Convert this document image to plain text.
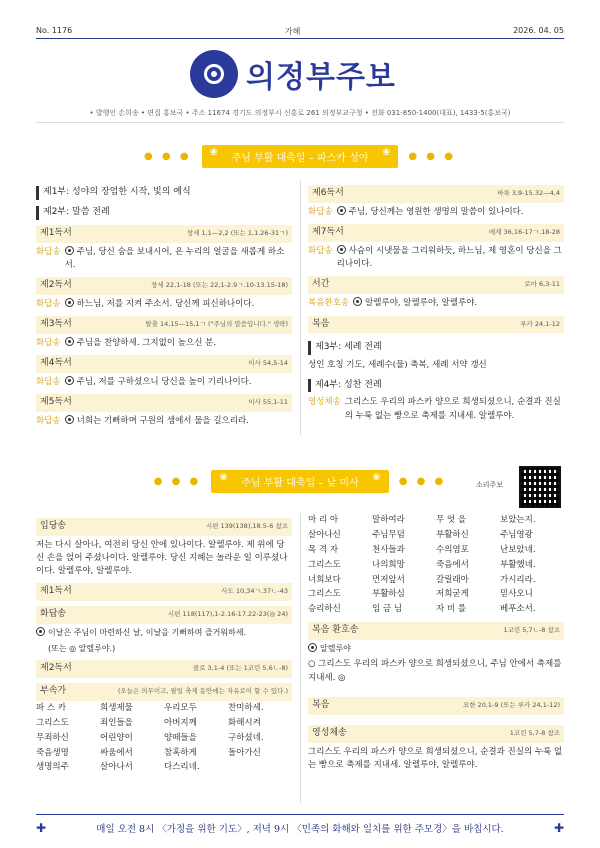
No. 1176	가해	2026. 04. 05
의정부주보
• 발행인 손희송 • 편집 홍보국 • 주소 11674 경기도 의정부시 신흥로 261 의정부교구청 • 전화 031-850-1400(대표), 1433-5(홍보국)
● ● ●	❀ 주님 부활 대축일 – 파스카 성야 ❀	● ● ●
제1부: 성야의 장엄한 시작, 빛의 예식
제2부: 말씀 전례
제1독서	창세 1,1—2,2 (또는 1,1.26-31ㄱ)
화답송	주님, 당신 숨을 보내시어, 온 누리의 얼굴을 새롭게 하소서.
제2독서	창세 22,1-18 (또는 22,1-2.9ㄱ.10-13.15-18)
화답송	하느님, 저를 지켜 주소서. 당신께 피신하나이다.
제3독서	탈출 14,15—15,1ㄱ ("주님의 말씀입니다." 생략)
화답송	주님을 찬양하세. 그지없이 높으신 분.
제4독서	이사 54,5-14
화답송	주님, 저를 구하셨으니 당신을 높이 기리나이다.
제5독서	이사 55,1-11
화답송	너희는 기뻐하며 구원의 샘에서 물을 길으리라.
제6독서	바룩 3,9-15.32—4,4
화답송	주님, 당신께는 영원한 생명의 말씀이 있나이다.
제7독서	에제 36,16-17ㄱ.18-28
화답송	사슴이 시냇물을 그리워하듯, 하느님, 제 영혼이 당신을 그리나이다.
서간	로마 6,3-11
복음환호송	알렐루야, 알렐루야, 알렐루야.
복음	루카 24,1-12
제3부: 세례 전례
성인 호칭 기도, 세례수(물) 축복, 세례 서약 갱신
제4부: 성찬 전례
영성체송 그리스도 우리의 파스카 양으로 희생되셨으니, 순결과 진실의 누룩 없는 빵으로 축제를 지내세. 알렐루야.
● ● ●	❀ 주님 부활 대축일 – 낮 미사 ❀	● ● ●	소리주보
입당송	시편 139(138),18.5-6 참조
저는 다시 살아나, 여전히 당신 안에 있나이다. 알렐루야. 제 위에 당신 손을 얹어 주셨나이다. 알렐루야. 당신 지혜는 놀라운 일 이루셨나이다. 알렐루야, 알렐루야.
제1독서	사도 10,34ㄱ.37ㄴ-43
화답송	시편 118(117),1-2.16-17.22-23(◎ 24)
이날은 주님이 마련하신 날, 이날을 기뻐하며 즐거워하세.
(또는 ◎ 알렐루야.)
제2독서	콜로 3,1-4 (또는 1코린 5,6ㄴ-8)
부속가	(오늘은 의무이고, 팔일 축제 동안에는 자유로이 할 수 있다.)
파 스 카	희생제물	우리모두	찬미하세.
그리스도	죄인들을	아버지께	화해시켜
무죄하신	어린양이	양떼들을	구하셨네.
죽음생명	싸움에서	참혹하게	돌아가신
생명의주	살아나서	다스리네.
마 리 아	말하여라	무 엇 을	보았는지.
살아나신	주님무덤	부활하신	주님영광
목 격 자	천사들과	수의염포	난보았네.
그리스도	나의희망	죽음에서	부활했네.
너희보다	먼저앞서	갈릴래아	가시리라.
그리스도	부활하심	저희굳게	믿사오니
승리하신	임 금 님	자 비 를	베푸소서.
복음 환호송	1코린 5,7ㄴ-8 참조
알렐루야
○ 그리스도 우리의 파스카 양으로 희생되셨으니, 주님 안에서 축제를 지내세. ◎
복음	요한 20,1-9 (또는 루카 24,1-12)
영성체송	1코린 5,7-8 참조
그리스도 우리의 파스카 양으로 희생되셨으니, 순결과 진실의 누룩 없는 빵으로 축제를 지내세. 알렐루야, 알렐루야.
✚	매일 오전 8시 〈가정을 위한 기도〉, 저녁 9시 〈민족의 화해와 일치를 위한 주모경〉을 바칩시다.	✚
